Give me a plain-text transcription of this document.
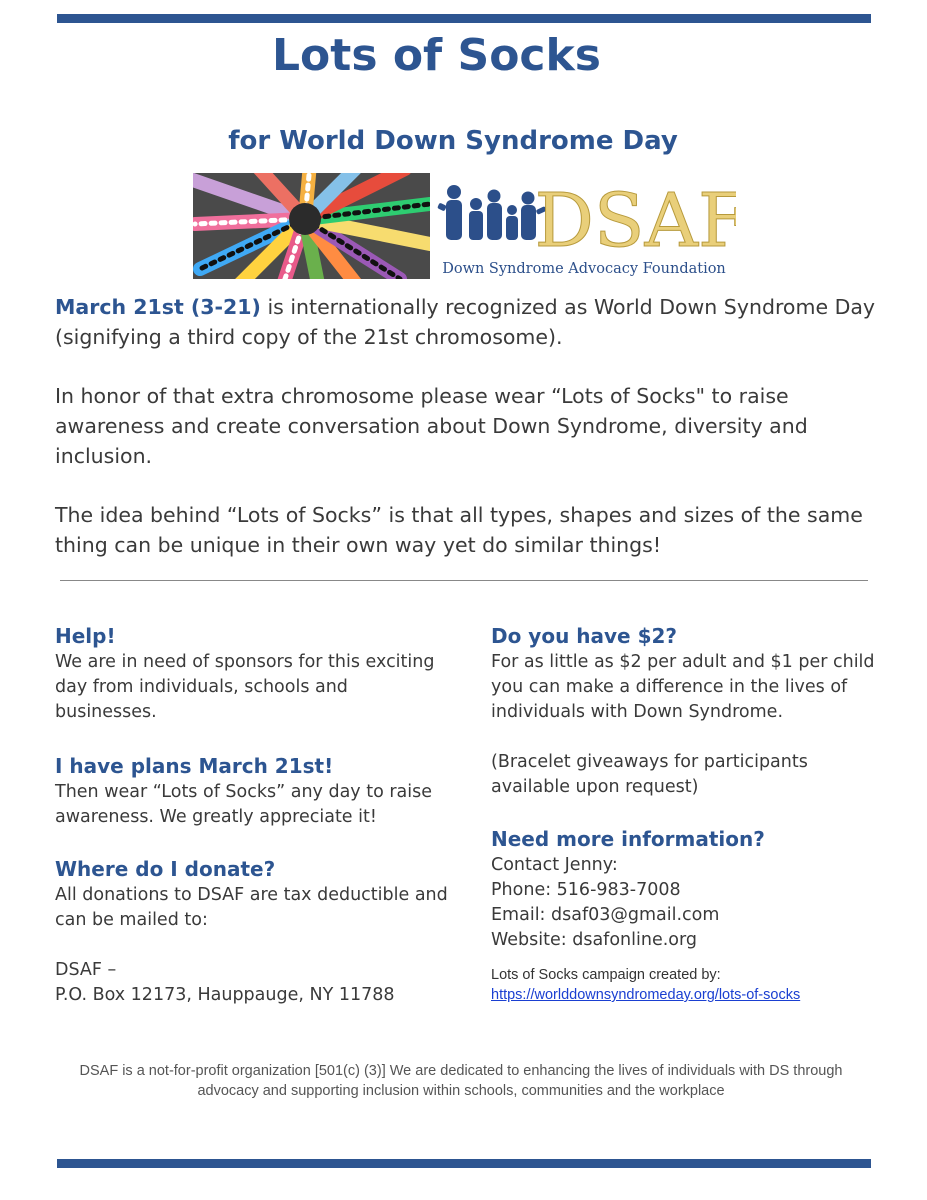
Lots of Socks
for World Down Syndrome Day
DSAF
Down Syndrome Advocacy Foundation

March 21st (3-21) is internationally recognized as World Down Syndrome Day (signifying a third copy of the 21st chromosome).

In honor of that extra chromosome please wear “Lots of Socks" to raise awareness and create conversation about Down Syndrome, diversity and inclusion.

The idea behind “Lots of Socks” is that all types, shapes and sizes of the same thing can be unique in their own way yet do similar things!

Help!

We are in need of sponsors for this exciting day from individuals, schools and businesses.

I have plans March 21st!

Then wear “Lots of Socks” any day to raise awareness. We greatly appreciate it!

Where do I donate?

All donations to DSAF are tax deductible and can be mailed to:

DSAF –

P.O. Box 12173, Hauppauge, NY 11788

Do you have $2?

For as little as $2 per adult and $1 per child you can make a difference in the lives of individuals with Down Syndrome.

(Bracelet giveaways for participants available upon request)

Need more information?

Contact Jenny:

Phone: 516-983-7008

Email: dsaf03@gmail.com

Website: dsafonline.org

Lots of Socks campaign created by:
https://worlddownsyndromeday.org/lots-of-socks
DSAF is a not-for-profit organization [501(c) (3)] We are dedicated to enhancing the lives of individuals with DS through advocacy and supporting inclusion within schools, communities and the workplace
